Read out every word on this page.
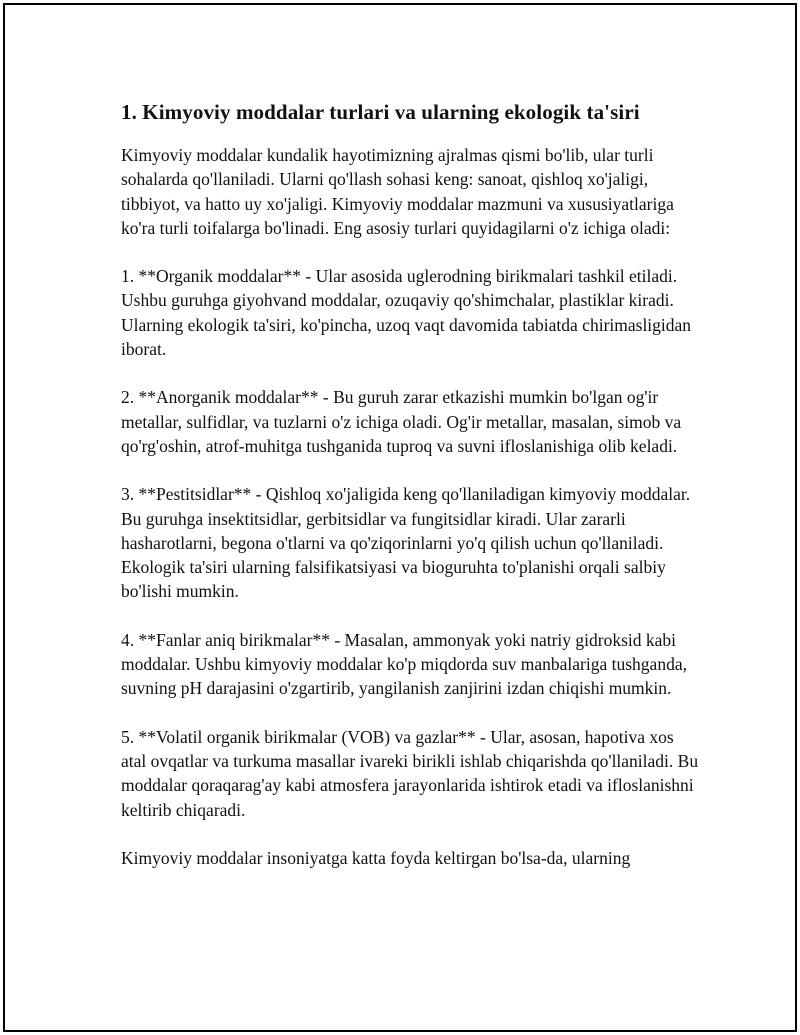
1. Kimyoviy moddalar turlari va ularning ekologik ta'siri

Kimyoviy moddalar kundalik hayotimizning ajralmas qismi bo'lib, ular turli sohalarda qo'llaniladi. Ularni qo'llash sohasi keng: sanoat, qishloq xo'jaligi, tibbiyot, va hatto uy xo'jaligi. Kimyoviy moddalar mazmuni va xususiyatlariga ko'ra turli toifalarga bo'linadi. Eng asosiy turlari quyidagilarni o'z ichiga oladi:

1. **Organik moddalar** - Ular asosida uglerodning birikmalari tashkil etiladi. Ushbu guruhga giyohvand moddalar, ozuqaviy qo'shimchalar, plastiklar kiradi. Ularning ekologik ta'siri, ko'pincha, uzoq vaqt davomida tabiatda chirimasligidan iborat.

2. **Anorganik moddalar** - Bu guruh zarar etkazishi mumkin bo'lgan og'ir metallar, sulfidlar, va tuzlarni o'z ichiga oladi. Og'ir metallar, masalan, simob va qo'rg'oshin, atrof-muhitga tushganida tuproq va suvni ifloslanishiga olib keladi.

3. **Pestitsidlar** - Qishloq xo'jaligida keng qo'llaniladigan kimyoviy moddalar. Bu guruhga insektitsidlar, gerbitsidlar va fungitsidlar kiradi. Ular zararli hasharotlarni, begona o'tlarni va qo'ziqorinlarni yo'q qilish uchun qo'llaniladi. Ekologik ta'siri ularning falsifikatsiyasi va bioguruhta to'planishi orqali salbiy bo'lishi mumkin.

4. **Fanlar aniq birikmalar** - Masalan, ammonyak yoki natriy gidroksid kabi moddalar. Ushbu kimyoviy moddalar ko'p miqdorda suv manbalariga tushganda, suvning pH darajasini o'zgartirib, yangilanish zanjirini izdan chiqishi mumkin.

5. **Volatil organik birikmalar (VOB) va gazlar** - Ular, asosan, hapotiva xos atal ovqatlar va turkuma masallar ivareki birikli ishlab chiqarishda qo'llaniladi. Bu moddalar qoraqarag'ay kabi atmosfera jarayonlarida ishtirok etadi va ifloslanishni keltirib chiqaradi.

Kimyoviy moddalar insoniyatga katta foyda keltirgan bo'lsa-da, ularning
